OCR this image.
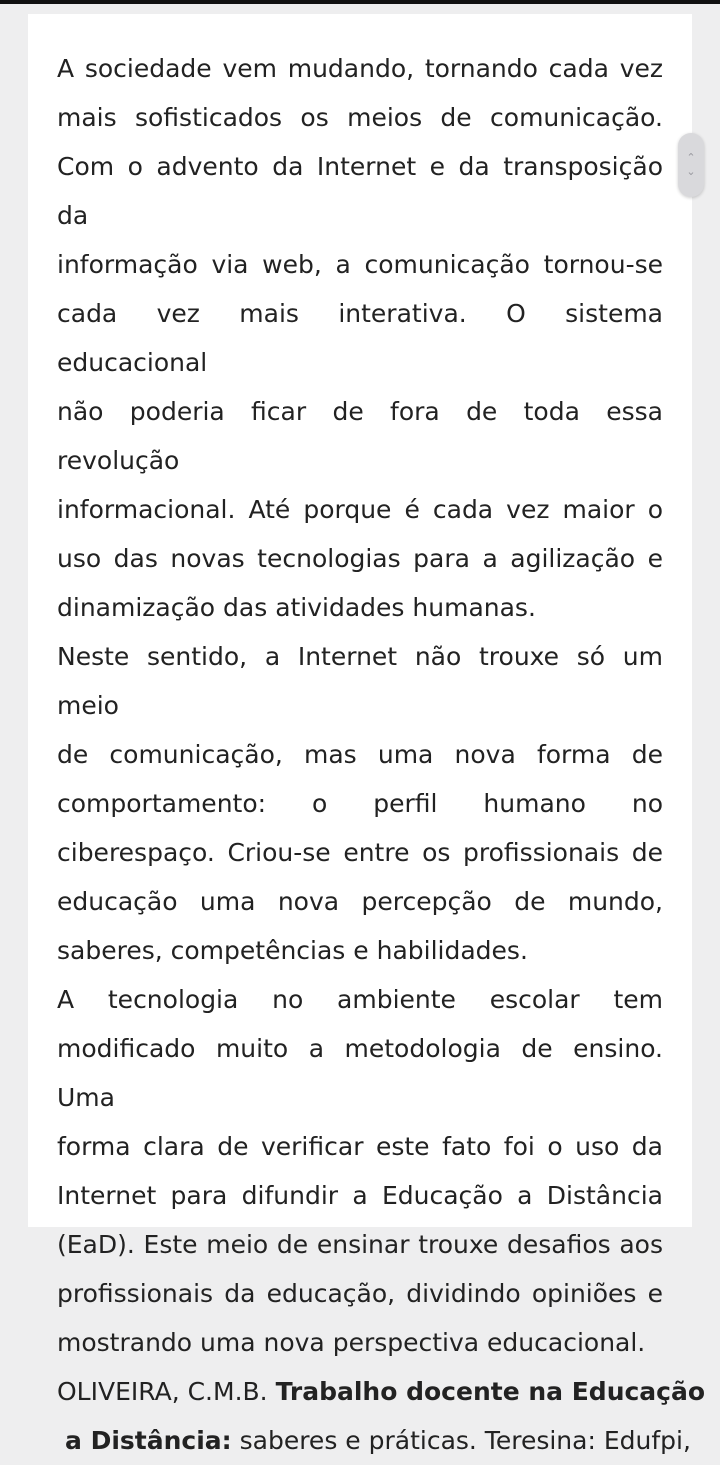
A sociedade vem mudando, tornando cada vez
mais sofisticados os meios de comunicação.
Com o advento da Internet e da transposição da
informação via web, a comunicação tornou-se
cada vez mais interativa. O sistema educacional
não poderia ficar de fora de toda essa revolução
informacional. Até porque é cada vez maior o
uso das novas tecnologias para a agilização e
dinamização das atividades humanas.
Neste sentido, a Internet não trouxe só um meio
de comunicação, mas uma nova forma de
comportamento: o perfil humano no
ciberespaço. Criou-se entre os profissionais de
educação uma nova percepção de mundo,
saberes, competências e habilidades.
A tecnologia no ambiente escolar tem
modificado muito a metodologia de ensino. Uma
forma clara de verificar este fato foi o uso da
Internet para difundir a Educação a Distância
(EaD). Este meio de ensinar trouxe desafios aos
profissionais da educação, dividindo opiniões e
mostrando uma nova perspectiva educacional.
OLIVEIRA, C.M.B. Trabalho docente na Educação
a Distância: saberes e práticas. Teresina: Edufpi,
⌃
⌄
